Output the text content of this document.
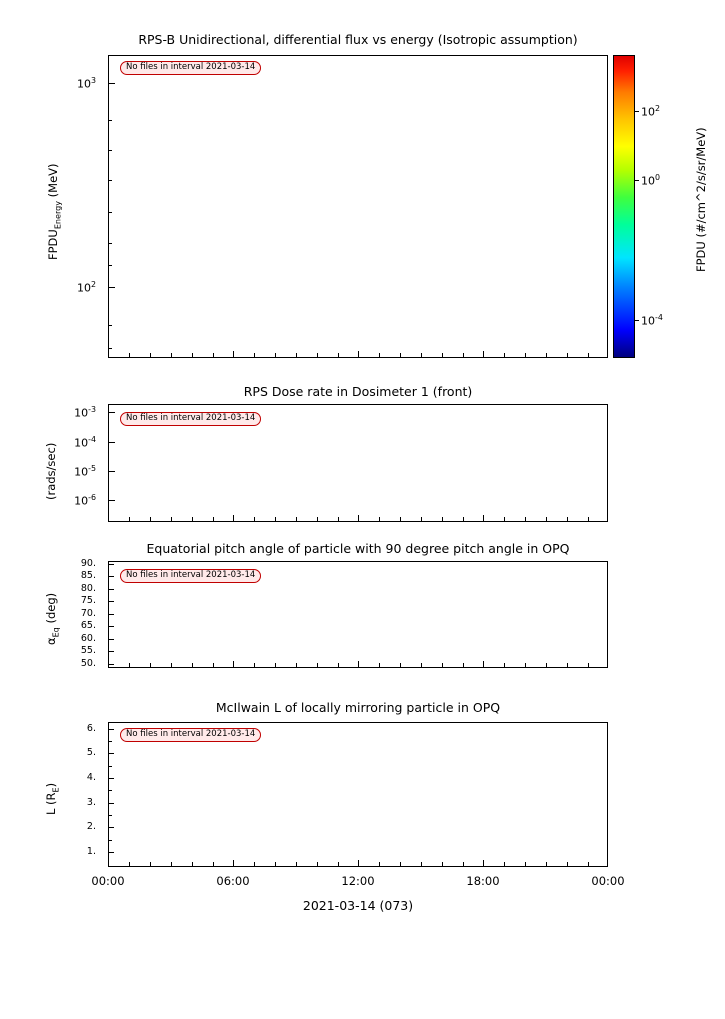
RPS-B Unidirectional, differential flux vs energy (Isotropic assumption)
No files in interval 2021-03-14
$10^3$
$10^2$
$FPDU_{Energy}$ (MeV)
$10^2$
$10^0$
$10^{-4}$
FPDU (#/cm^2/s/sr/MeV)
RPS Dose rate in Dosimeter 1 (front)
No files in interval 2021-03-14
$10^{-3}$
$10^{-4}$
$10^{-5}$
$10^{-6}$
(rads/sec)
Equatorial pitch angle of particle with 90 degree pitch angle in OPQ
No files in interval 2021-03-14
90.
85.
80.
75.
70.
65.
60.
55.
50.
$\alpha_{Eq}$ (deg)
McIlwain L of locally mirroring particle in OPQ
No files in interval 2021-03-14
6.
5.
4.
3.
2.
1.
L $(R_E)$
00:00	06:00	12:00	18:00	00:00
2021-03-14 (073)
